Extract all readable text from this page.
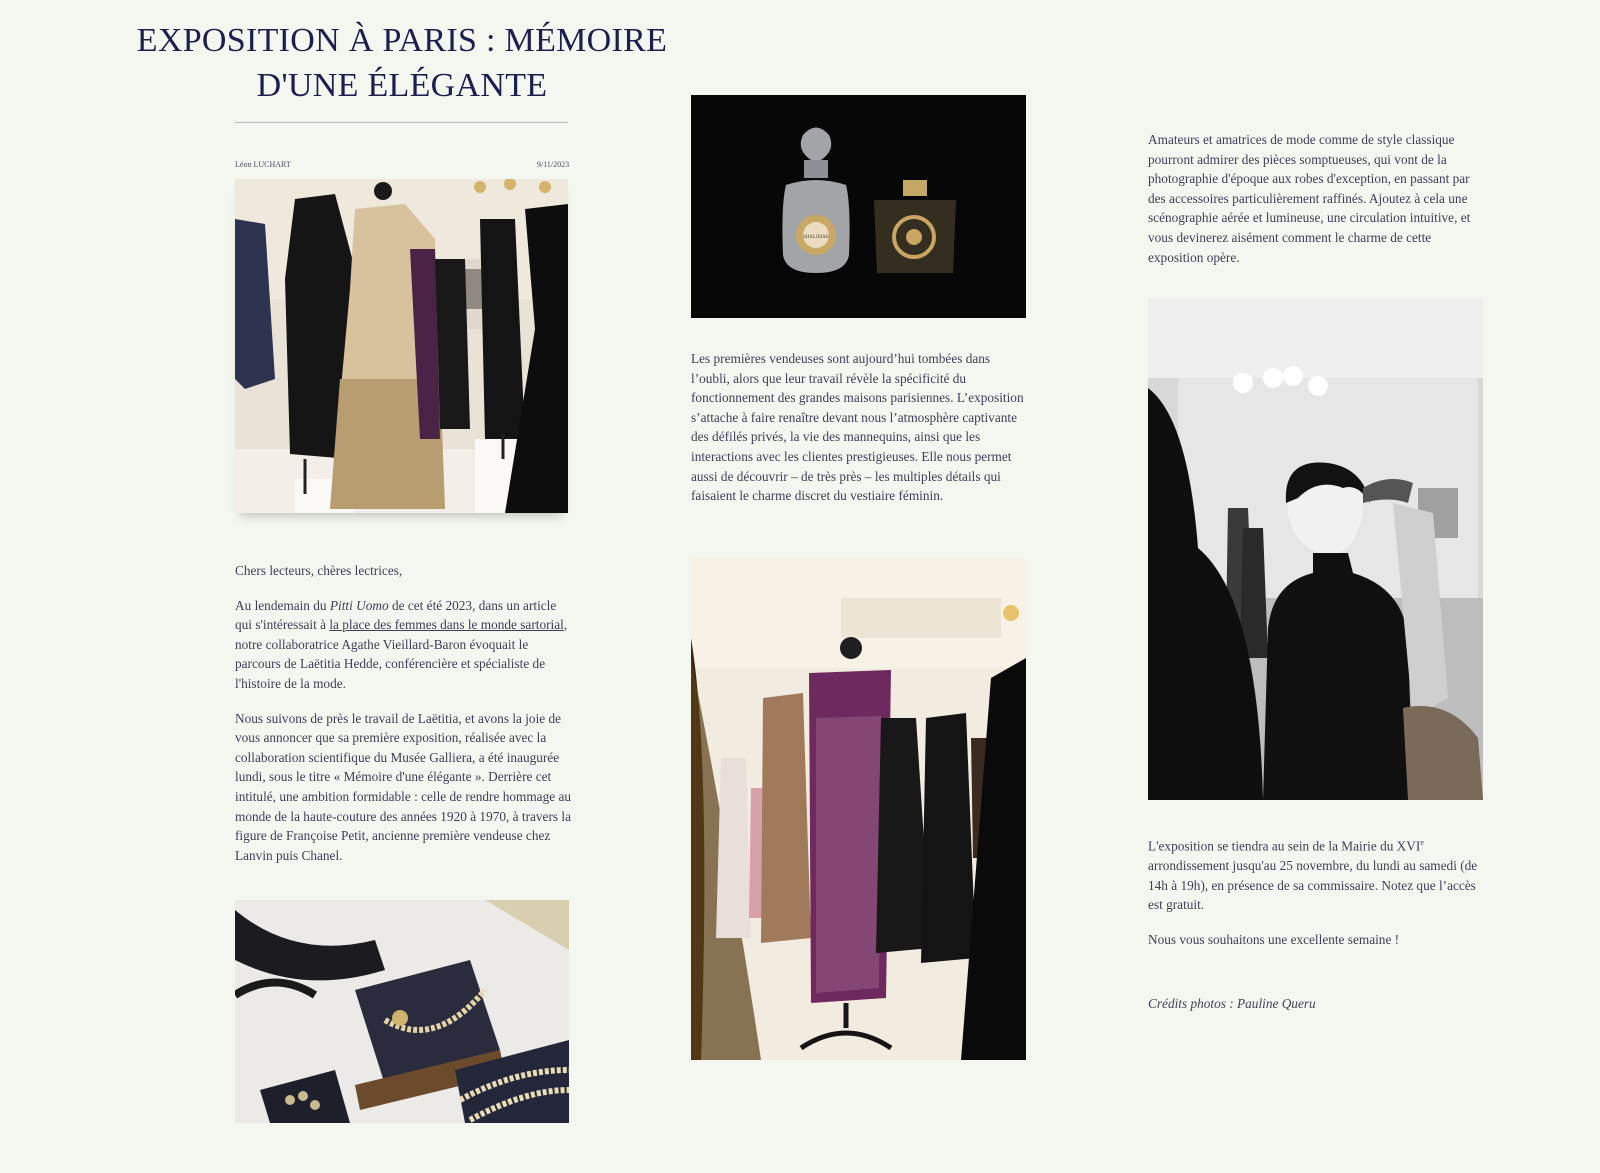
EXPOSITION À PARIS : MÉMOIRE D'UNE ÉLÉGANTE
Léon LUCHART	9/11/2023

Chers lecteurs, chères lectrices,

Au lendemain du Pitti Uomo de cet été 2023, dans un article qui s'intéressait à la place des femmes dans le monde sartorial, notre collaboratrice Agathe Vieillard-Baron évoquait le parcours de Laëtitia Hedde, conférencière et spécialiste de l'histoire de la mode.

Nous suivons de près le travail de Laëtitia, et avons la joie de vous annoncer que sa première exposition, réalisée avec la collaboration scientifique du Musée Galliera, a été inaugurée lundi, sous le titre « Mémoire d'une élégante ». Derrière cet intitulé, une ambition formidable : celle de rendre hommage au monde de la haute-couture des années 1920 à 1970, à travers la figure de Françoise Petit, ancienne première vendeuse chez Lanvin puis Chanel.

SHALIMAR

Les premières vendeuses sont aujourd’hui tombées dans l’oubli, alors que leur travail révèle la spécificité du fonctionnement des grandes maisons parisiennes. L’exposition s’attache à faire renaître devant nous l’atmosphère captivante des défilés privés, la vie des mannequins, ainsi que les interactions avec les clientes prestigieuses. Elle nous permet aussi de découvrir – de très près – les multiples détails qui faisaient le charme discret du vestiaire féminin.

Amateurs et amatrices de mode comme de style classique pourront admirer des pièces somptueuses, qui vont de la photographie d'époque aux robes d'exception, en passant par des accessoires particulièrement raffinés. Ajoutez à cela une scénographie aérée et lumineuse, une circulation intuitive, et vous devinerez aisément comment le charme de cette exposition opère.

L'exposition se tiendra au sein de la Mairie du XVIe arrondissement jusqu'au 25 novembre, du lundi au samedi (de 14h à 19h), en présence de sa commissaire. Notez que l’accès est gratuit.

Nous vous souhaitons une excellente semaine !

Crédits photos : Pauline Queru
